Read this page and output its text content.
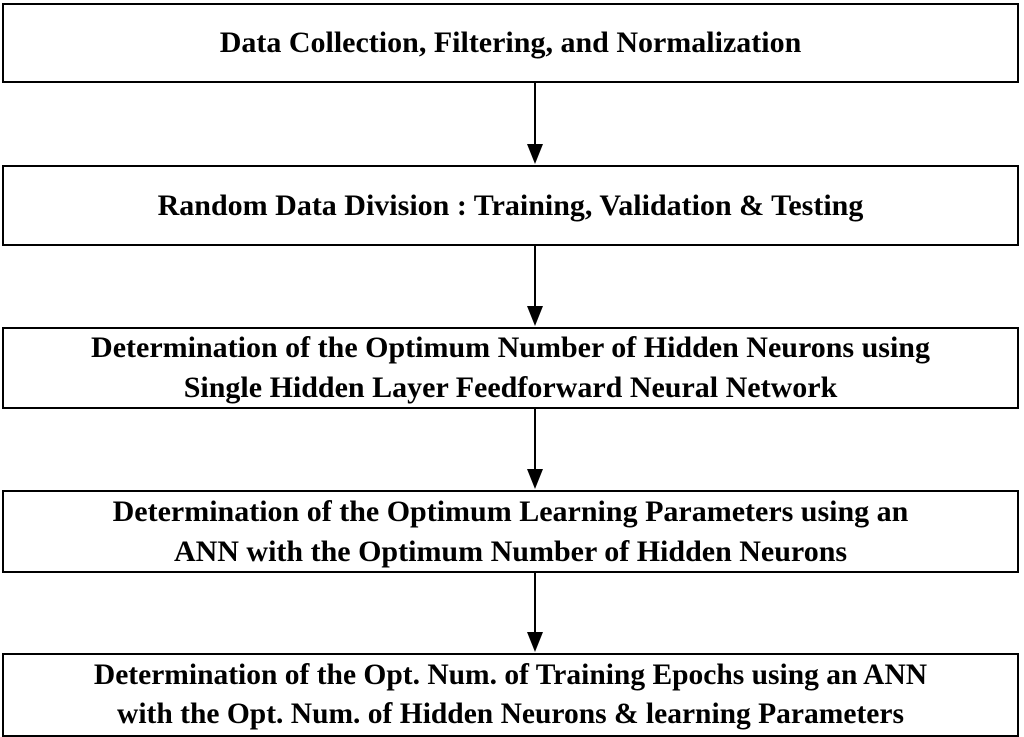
Data Collection, Filtering, and Normalization
Random Data Division : Training, Validation & Testing
Determination of the Optimum Number of Hidden Neurons using
Single Hidden Layer Feedforward Neural Network
Determination of the Optimum Learning Parameters using an
ANN with the Optimum Number of Hidden Neurons
Determination of the Opt. Num. of Training Epochs using an ANN
with the Opt. Num. of Hidden Neurons & learning Parameters
